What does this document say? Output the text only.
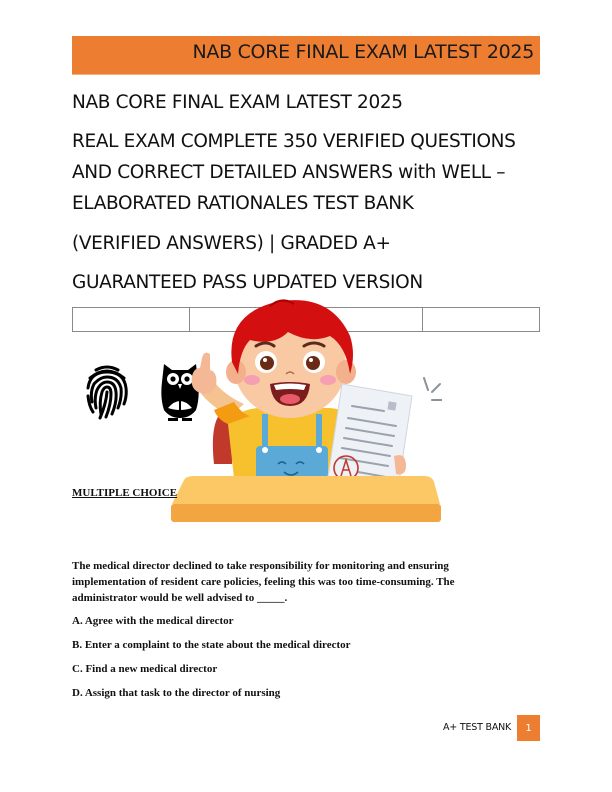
NAB CORE FINAL EXAM LATEST 2025
NAB CORE FINAL EXAM LATEST 2025
REAL EXAM COMPLETE 350 VERIFIED QUESTIONS
AND CORRECT DETAILED ANSWERS with WELL –
ELABORATED RATIONALES TEST BANK
(VERIFIED ANSWERS) | GRADED A+
GUARANTEED PASS UPDATED VERSION

MULTIPLE CHOICE
The medical director declined to take responsibility for monitoring and ensuring implementation of resident care policies, feeling this was too time-consuming. The administrator would be well advised to _____.
A. Agree with the medical director
B. Enter a complaint to the state about the medical director
C. Find a new medical director
D. Assign that task to the director of nursing
A+ TEST BANK	1
